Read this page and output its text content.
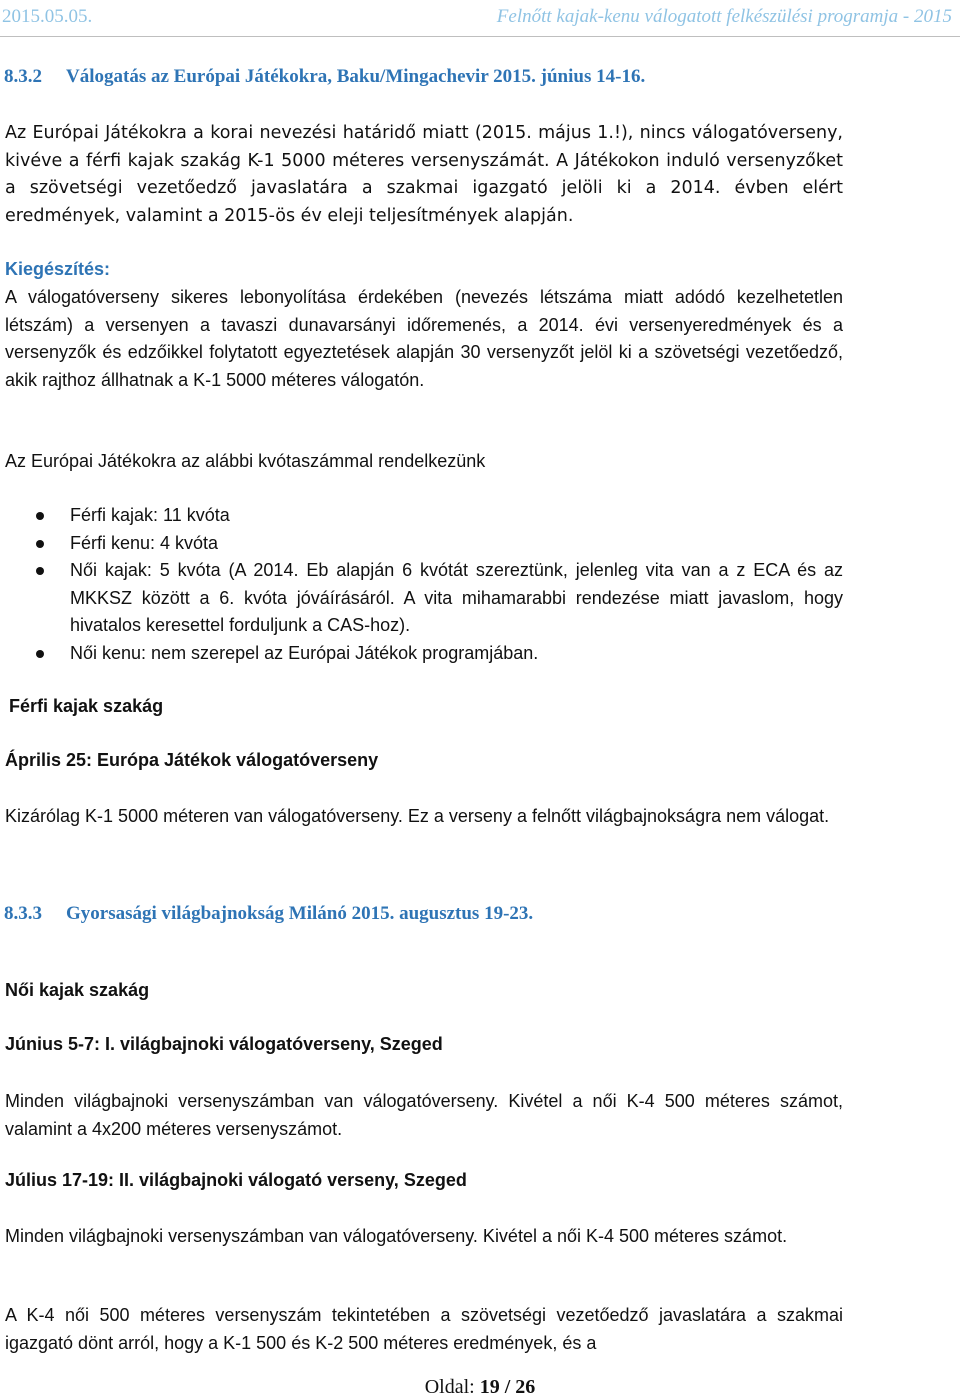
2015.05.05.	Felnőtt kajak-kenu válogatott felkészülési programja - 2015
8.3.2 Válogatás az Európai Játékokra, Baku/Mingachevir 2015. június 14-16.
Az Európai Játékokra a korai nevezési határidő miatt (2015. május 1.!), nincs válogatóverseny, kivéve a férfi kajak szakág K-1 5000 méteres versenyszámát. A Játékokon induló versenyzőket a szövetségi vezetőedző javaslatára a szakmai igazgató jelöli ki a 2014. évben elért eredmények, valamint a 2015-ös év eleji teljesítmények alapján.
Kiegészítés:
A válogatóverseny sikeres lebonyolítása érdekében (nevezés létszáma miatt adódó kezelhetetlen létszám) a versenyen a tavaszi dunavarsányi időremenés, a 2014. évi versenyeredmények és a versenyzők és edzőikkel folytatott egyeztetések alapján 30 versenyzőt jelöl ki a szövetségi vezetőedző, akik rajthoz állhatnak a K-1 5000 méteres válogatón.
Az Európai Játékokra az alábbi kvótaszámmal rendelkezünk
Férfi kajak: 11 kvóta
Férfi kenu: 4 kvóta
Női kajak: 5 kvóta (A 2014. Eb alapján 6 kvótát szereztünk, jelenleg vita van a z ECA és az MKKSZ között a 6. kvóta jóváírásáról. A vita mihamarabbi rendezése miatt javaslom, hogy hivatalos keresettel forduljunk a CAS-hoz).
Női kenu: nem szerepel az Európai Játékok programjában.
Férfi kajak szakág
Április 25: Európa Játékok válogatóverseny
Kizárólag K-1 5000 méteren van válogatóverseny. Ez a verseny a felnőtt világbajnokságra nem válogat.
8.3.3 Gyorsasági világbajnokság Milánó 2015. augusztus 19-23.
Női kajak szakág
Június 5-7: I. világbajnoki válogatóverseny, Szeged
Minden világbajnoki versenyszámban van válogatóverseny. Kivétel a női K-4 500 méteres számot, valamint a 4x200 méteres versenyszámot.
Július 17-19: II. világbajnoki válogató verseny, Szeged
Minden világbajnoki versenyszámban van válogatóverseny. Kivétel a női K-4 500 méteres számot.
A K-4 női 500 méteres versenyszám tekintetében a szövetségi vezetőedző javaslatára a szakmai igazgató dönt arról, hogy a K-1 500 és K-2 500 méteres eredmények, és a
Oldal: 19 / 26
